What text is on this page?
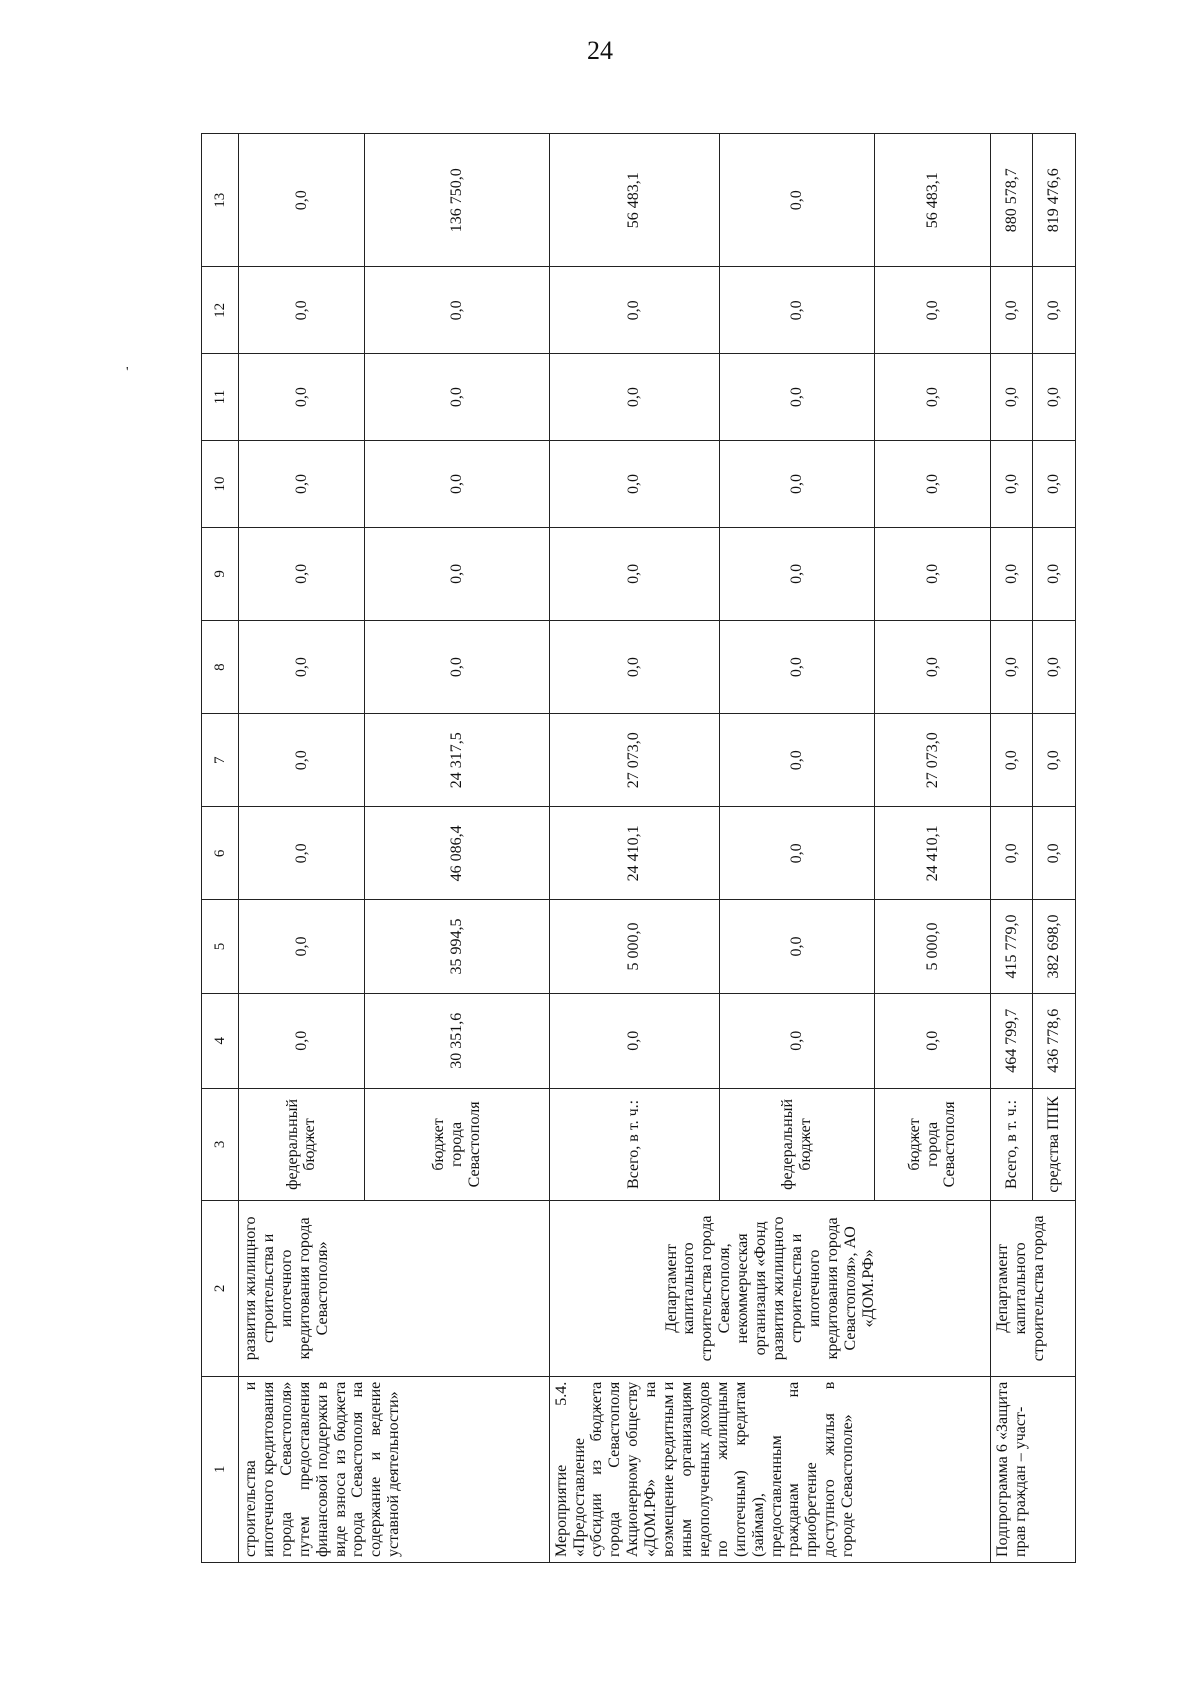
24
'
1	2	3	4	5	6	7	8	9	10	11	12	13
строительства и ипотечного кредитования города Севастополя» путем предоставления финансовой поддержки в виде взноса из бюджета города Севастополя на содержание и ведение уставной деятельности»	развития жилищного строительства и ипотечного кредитования города Севастополя»	федеральный бюджет	0,0	0,0	0,0	0,0	0,0	0,0	0,0	0,0	0,0	0,0
		бюджет города Севастополя	30 351,6	35 994,5	46 086,4	24 317,5	0,0	0,0	0,0	0,0	0,0	136 750,0
Мероприятие 5.4. «Предоставление субсидии из бюджета города Севастополя Акционерному обществу «ДОМ.РФ» на возмещение кредитным и иным организациям недополученных доходов по жилищным (ипотечным) кредитам (займам), предоставленным гражданам на приобретение доступного жилья в городе Севастополе»	Департамент капитального строительства города Севастополя, некоммерческая организация «Фонд развития жилищного строительства и ипотечного кредитования города Севастополя», АО «ДОМ.РФ»	Всего, в т. ч.:	0,0	5 000,0	24 410,1	27 073,0	0,0	0,0	0,0	0,0	0,0	56 483,1
		федеральный бюджет	0,0	0,0	0,0	0,0	0,0	0,0	0,0	0,0	0,0	0,0
		бюджет города Севастополя	0,0	5 000,0	24 410,1	27 073,0	0,0	0,0	0,0	0,0	0,0	56 483,1
Подпрограмма 6 «Защита прав граждан – участ-	Департамент капитального строительства города	Всего, в т. ч.:	464 799,7	415 779,0	0,0	0,0	0,0	0,0	0,0	0,0	0,0	880 578,7
		средства ППК	436 778,6	382 698,0	0,0	0,0	0,0	0,0	0,0	0,0	0,0	819 476,6
